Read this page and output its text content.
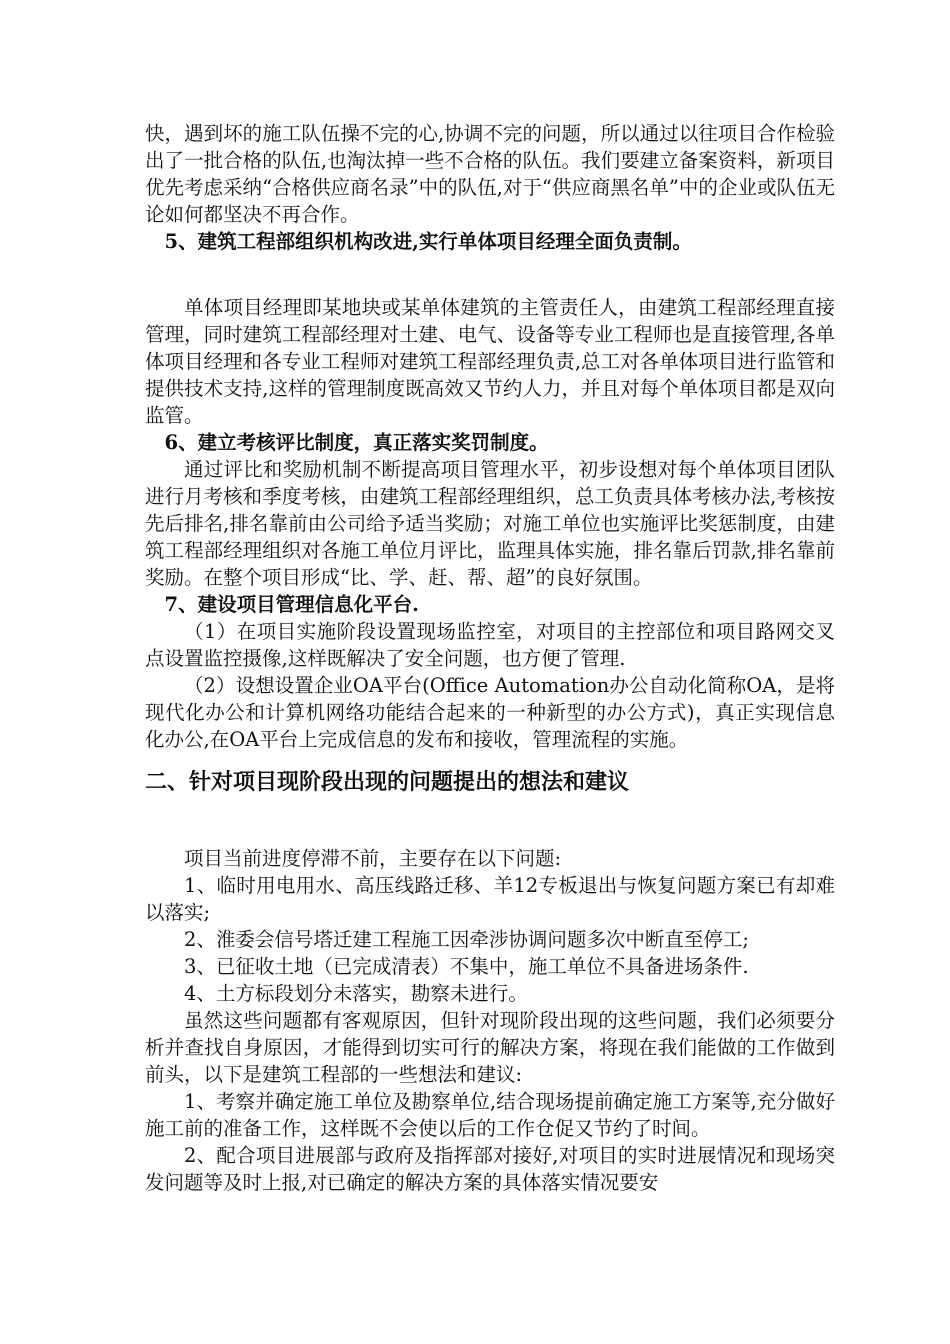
快，遇到坏的施工队伍操不完的心,协调不完的问题，所以通过以往项目合作检验出了一批合格的队伍,也淘汰掉一些不合格的队伍。我们要建立备案资料，新项目优先考虑采纳“合格供应商名录”中的队伍,对于“供应商黑名单”中的企业或队伍无论如何都坚决不再合作。

5、建筑工程部组织机构改进,实行单体项目经理全面负责制。

单体项目经理即某地块或某单体建筑的主管责任人，由建筑工程部经理直接管理，同时建筑工程部经理对土建、电气、设备等专业工程师也是直接管理,各单体项目经理和各专业工程师对建筑工程部经理负责,总工对各单体项目进行监管和提供技术支持,这样的管理制度既高效又节约人力，并且对每个单体项目都是双向监管。

6、建立考核评比制度，真正落实奖罚制度。

通过评比和奖励机制不断提高项目管理水平，初步设想对每个单体项目团队进行月考核和季度考核，由建筑工程部经理组织，总工负责具体考核办法,考核按先后排名,排名靠前由公司给予适当奖励；对施工单位也实施评比奖惩制度，由建筑工程部经理组织对各施工单位月评比，监理具体实施，排名靠后罚款,排名靠前奖励。在整个项目形成“比、学、赶、帮、超”的良好氛围。

7、建设项目管理信息化平台.

（1）在项目实施阶段设置现场监控室，对项目的主控部位和项目路网交叉点设置监控摄像,这样既解决了安全问题，也方便了管理.

（2）设想设置企业OA平台(Office Automation办公自动化简称OA，是将现代化办公和计算机网络功能结合起来的一种新型的办公方式)，真正实现信息化办公,在OA平台上完成信息的发布和接收，管理流程的实施。

二、针对项目现阶段出现的问题提出的想法和建议

项目当前进度停滞不前，主要存在以下问题:

1、临时用电用水、高压线路迁移、羊12专板退出与恢复问题方案已有却难以落实;

2、淮委会信号塔迁建工程施工因牵涉协调问题多次中断直至停工;

3、已征收土地（已完成清表）不集中，施工单位不具备进场条件.

4、土方标段划分未落实，勘察未进行。

虽然这些问题都有客观原因，但针对现阶段出现的这些问题，我们必须要分析并查找自身原因，才能得到切实可行的解决方案，将现在我们能做的工作做到前头，以下是建筑工程部的一些想法和建议:

1、考察并确定施工单位及勘察单位,结合现场提前确定施工方案等,充分做好施工前的准备工作，这样既不会使以后的工作仓促又节约了时间。

2、配合项目进展部与政府及指挥部对接好,对项目的实时进展情况和现场突发问题等及时上报,对已确定的解决方案的具体落实情况要安
